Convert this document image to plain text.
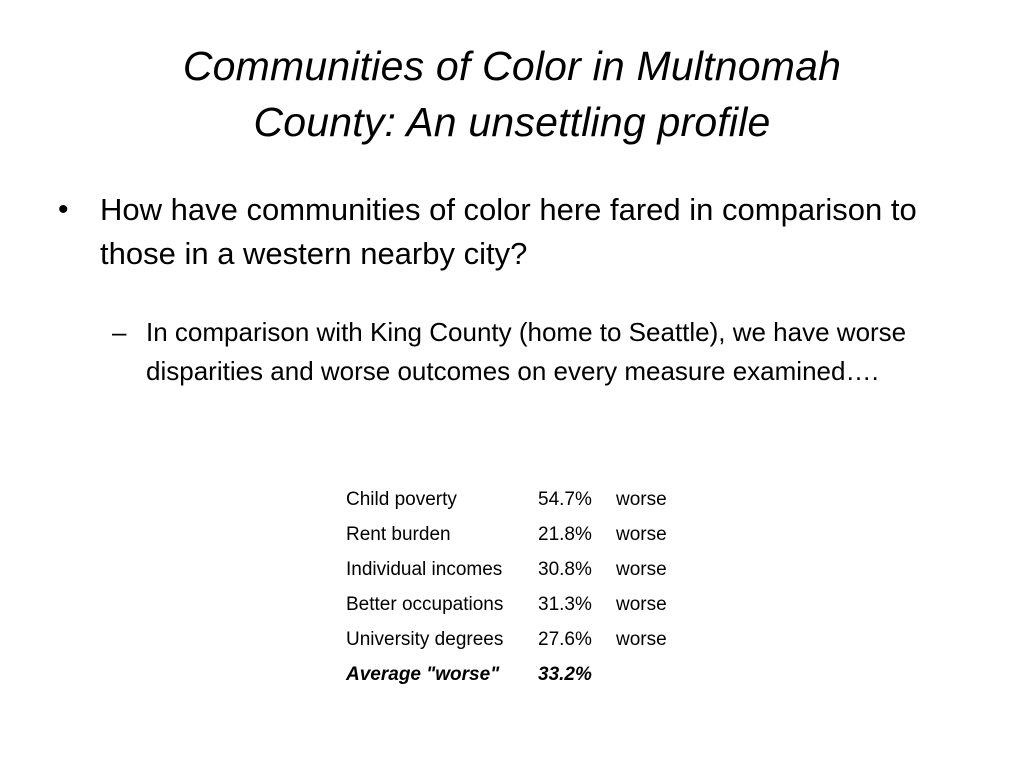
Communities of Color in Multnomah
County: An unsettling profile
•	How have communities of color here fared in comparison to those in a western nearby city?
– In comparison with King County (home to Seattle), we have worse disparities and worse outcomes on every measure examined….
Child poverty	54.7%	worse
Rent burden	21.8%	worse
Individual incomes	30.8%	worse
Better occupations	31.3%	worse
University degrees	27.6%	worse
Average "worse"	33.2%	
